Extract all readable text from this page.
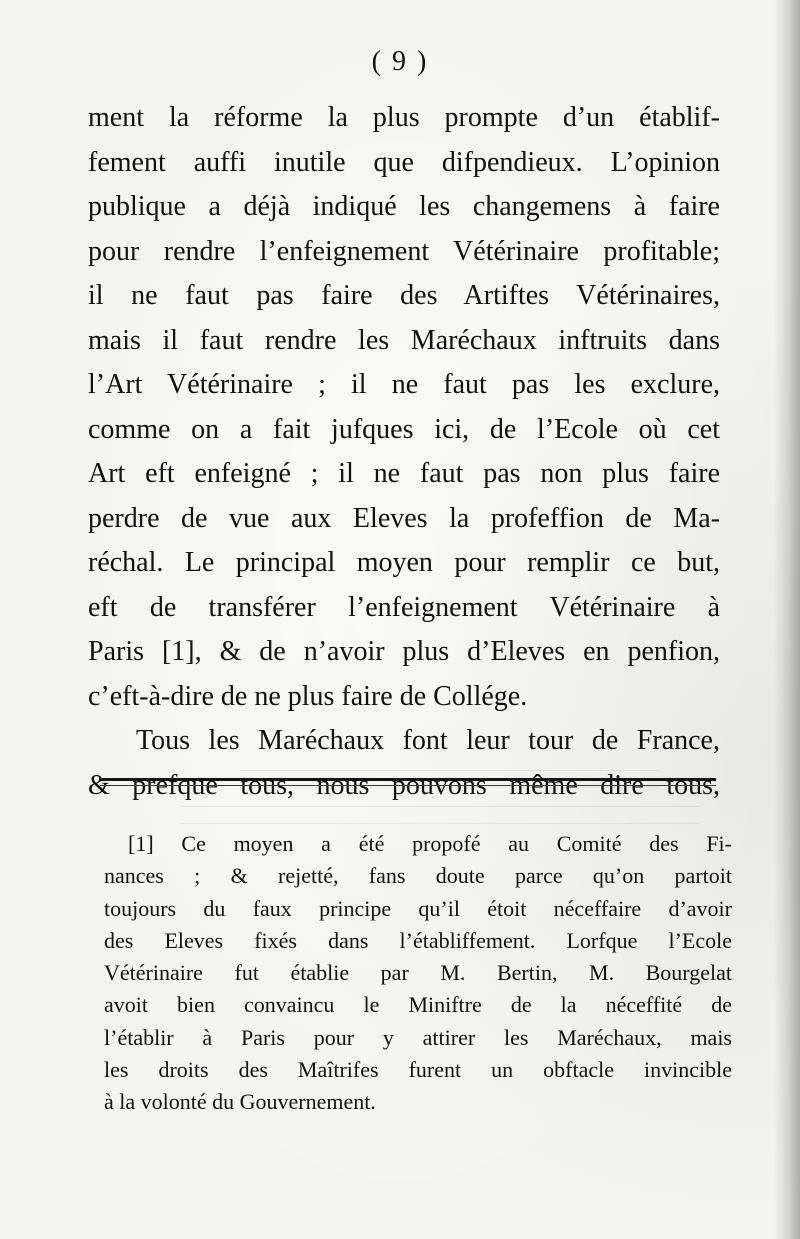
( 9 )
ment la réforme la plus prompte d’un établif-
fement auffi inutile que difpendieux. L’opinion
publique a déjà indiqué les changemens à faire
pour rendre l’enfeignement Vétérinaire profitable;
il ne faut pas faire des Artiftes Vétérinaires,
mais il faut rendre les Maréchaux inftruits dans
l’Art Vétérinaire ; il ne faut pas les exclure,
comme on a fait jufques ici, de l’Ecole où cet
Art eft enfeigné ; il ne faut pas non plus faire
perdre de vue aux Eleves la profeffion de Ma-
réchal. Le principal moyen pour remplir ce but,
eft de transférer l’enfeignement Vétérinaire à
Paris [1], & de n’avoir plus d’Eleves en penfion,
c’eft-à-dire de ne plus faire de Collége.
Tous les Maréchaux font leur tour de France,
& prefque tous, nous pouvons même dire tous,
[1] Ce moyen a été propofé au Comité des Fi-
nances ; & rejetté, fans doute parce qu’on partoit
toujours du faux principe qu’il étoit néceffaire d’avoir
des Eleves fixés dans l’établiffement. Lorfque l’Ecole
Vétérinaire fut établie par M. Bertin, M. Bourgelat
avoit bien convaincu le Miniftre de la néceffité de
l’établir à Paris pour y attirer les Maréchaux, mais
les droits des Maîtrifes furent un obftacle invincible
à la volonté du Gouvernement.
